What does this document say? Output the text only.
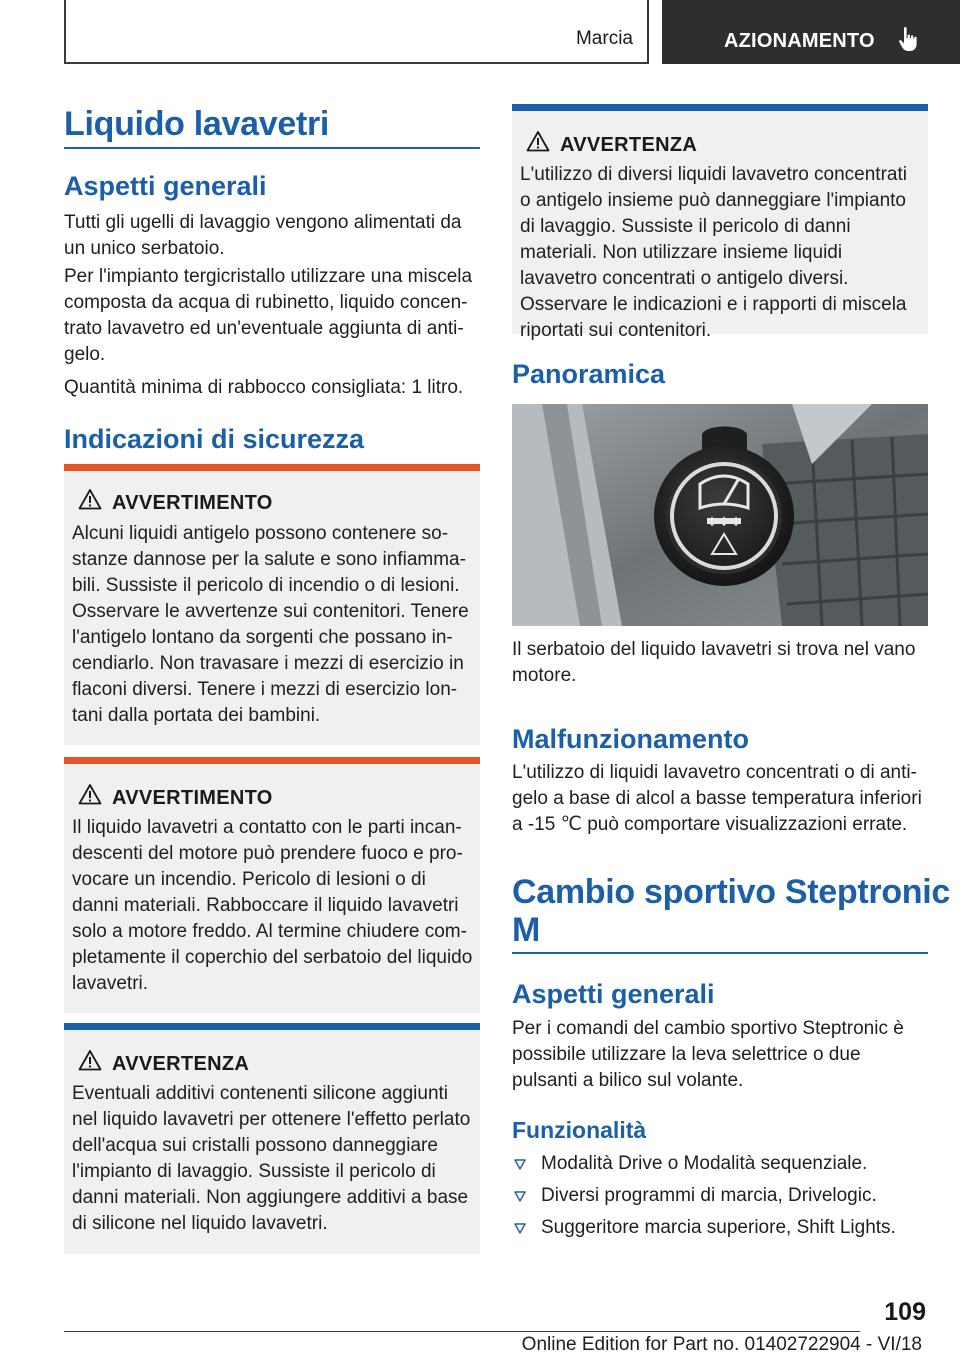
Marcia	AZIONAMENTO
Liquido lavavetri
Aspetti generali
Tutti gli ugelli di lavaggio vengono alimentati da un unico serbatoio.
Per l'impianto tergicristallo utilizzare una miscela composta da acqua di rubinetto, liquido concentrato lavavetro ed un'eventuale aggiunta di antigelo.
Quantità minima di rabbocco consigliata: 1 litro.
Indicazioni di sicurezza
AVVERTIMENTO
Alcuni liquidi antigelo possono contenere sostanze dannose per la salute e sono infiammabili. Sussiste il pericolo di incendio o di lesioni. Osservare le avvertenze sui contenitori. Tenere l'antigelo lontano da sorgenti che possano incendiarlo. Non travasare i mezzi di esercizio in flaconi diversi. Tenere i mezzi di esercizio lontani dalla portata dei bambini.
AVVERTIMENTO
Il liquido lavavetri a contatto con le parti incandescenti del motore può prendere fuoco e provocare un incendio. Pericolo di lesioni o di danni materiali. Rabboccare il liquido lavavetri solo a motore freddo. Al termine chiudere completamente il coperchio del serbatoio del liquido lavavetri.
AVVERTENZA
Eventuali additivi contenenti silicone aggiunti nel liquido lavavetri per ottenere l'effetto perlato dell'acqua sui cristalli possono danneggiare l'impianto di lavaggio. Sussiste il pericolo di danni materiali. Non aggiungere additivi a base di silicone nel liquido lavavetri.
AVVERTENZA
L'utilizzo di diversi liquidi lavavetro concentrati o antigelo insieme può danneggiare l'impianto di lavaggio. Sussiste il pericolo di danni materiali. Non utilizzare insieme liquidi lavavetro concentrati o antigelo diversi. Osservare le indicazioni e i rapporti di miscela riportati sui contenitori.
Panoramica
Il serbatoio del liquido lavavetri si trova nel vano motore.
Malfunzionamento
L'utilizzo di liquidi lavavetro concentrati o di antigelo a base di alcol a basse temperatura inferiori a -15 ℃ può comportare visualizzazioni errate.
Cambio sportivo Steptronic
M
Aspetti generali
Per i comandi del cambio sportivo Steptronic è possibile utilizzare la leva selettrice o due pulsanti a bilico sul volante.
Funzionalità
Modalità Drive o Modalità sequenziale.
Diversi programmi di marcia, Drivelogic.
Suggeritore marcia superiore, Shift Lights.
109
Online Edition for Part no. 01402722904 - VI/18
